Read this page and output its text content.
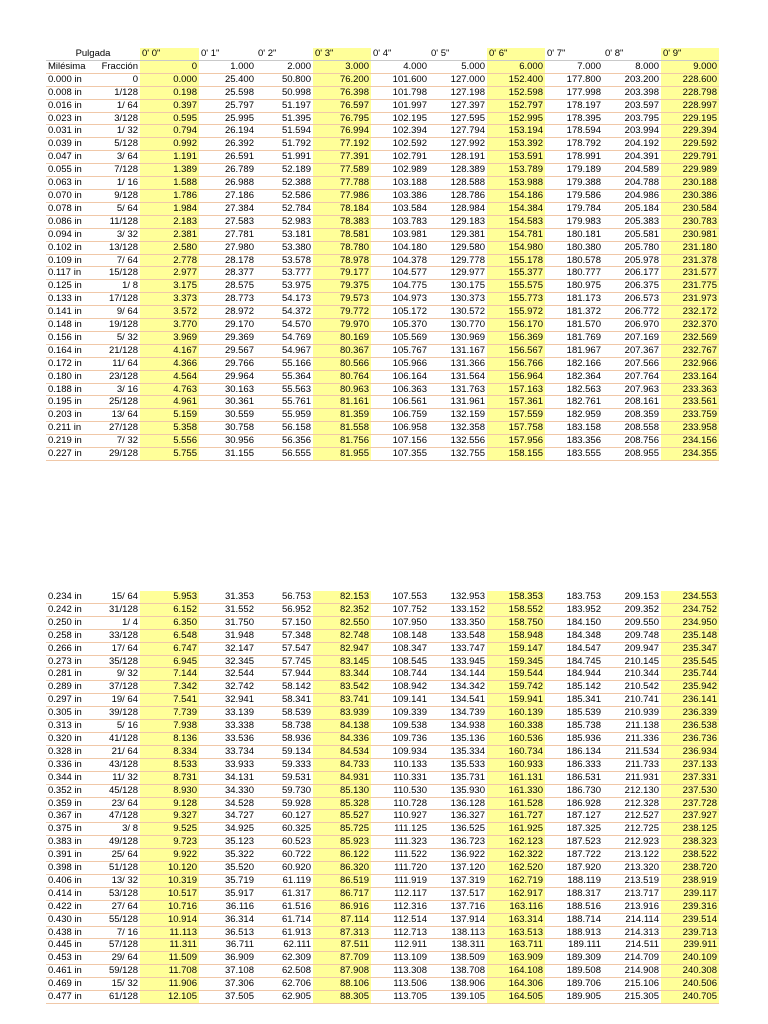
Pulgada		0' 0"	0' 1"	0' 2"	0' 3"	0' 4"	0' 5"	0' 6"	0' 7"	0' 8"	0' 9"
Milésima	Fracción	0	1.000	2.000	3.000	4.000	5.000	6.000	7.000	8.000	9.000
0.000 in	0	0.000	25.400	50.800	76.200	101.600	127.000	152.400	177.800	203.200	228.600
0.008 in	1/128	0.198	25.598	50.998	76.398	101.798	127.198	152.598	177.998	203.398	228.798
0.016 in	1/ 64	0.397	25.797	51.197	76.597	101.997	127.397	152.797	178.197	203.597	228.997
0.023 in	3/128	0.595	25.995	51.395	76.795	102.195	127.595	152.995	178.395	203.795	229.195
0.031 in	1/ 32	0.794	26.194	51.594	76.994	102.394	127.794	153.194	178.594	203.994	229.394
0.039 in	5/128	0.992	26.392	51.792	77.192	102.592	127.992	153.392	178.792	204.192	229.592
0.047 in	3/ 64	1.191	26.591	51.991	77.391	102.791	128.191	153.591	178.991	204.391	229.791
0.055 in	7/128	1.389	26.789	52.189	77.589	102.989	128.389	153.789	179.189	204.589	229.989
0.063 in	1/ 16	1.588	26.988	52.388	77.788	103.188	128.588	153.988	179.388	204.788	230.188
0.070 in	9/128	1.786	27.186	52.586	77.986	103.386	128.786	154.186	179.586	204.986	230.386
0.078 in	5/ 64	1.984	27.384	52.784	78.184	103.584	128.984	154.384	179.784	205.184	230.584
0.086 in	11/128	2.183	27.583	52.983	78.383	103.783	129.183	154.583	179.983	205.383	230.783
0.094 in	3/ 32	2.381	27.781	53.181	78.581	103.981	129.381	154.781	180.181	205.581	230.981
0.102 in	13/128	2.580	27.980	53.380	78.780	104.180	129.580	154.980	180.380	205.780	231.180
0.109 in	7/ 64	2.778	28.178	53.578	78.978	104.378	129.778	155.178	180.578	205.978	231.378
0.117 in	15/128	2.977	28.377	53.777	79.177	104.577	129.977	155.377	180.777	206.177	231.577
0.125 in	1/ 8	3.175	28.575	53.975	79.375	104.775	130.175	155.575	180.975	206.375	231.775
0.133 in	17/128	3.373	28.773	54.173	79.573	104.973	130.373	155.773	181.173	206.573	231.973
0.141 in	9/ 64	3.572	28.972	54.372	79.772	105.172	130.572	155.972	181.372	206.772	232.172
0.148 in	19/128	3.770	29.170	54.570	79.970	105.370	130.770	156.170	181.570	206.970	232.370
0.156 in	5/ 32	3.969	29.369	54.769	80.169	105.569	130.969	156.369	181.769	207.169	232.569
0.164 in	21/128	4.167	29.567	54.967	80.367	105.767	131.167	156.567	181.967	207.367	232.767
0.172 in	11/ 64	4.366	29.766	55.166	80.566	105.966	131.366	156.766	182.166	207.566	232.966
0.180 in	23/128	4.564	29.964	55.364	80.764	106.164	131.564	156.964	182.364	207.764	233.164
0.188 in	3/ 16	4.763	30.163	55.563	80.963	106.363	131.763	157.163	182.563	207.963	233.363
0.195 in	25/128	4.961	30.361	55.761	81.161	106.561	131.961	157.361	182.761	208.161	233.561
0.203 in	13/ 64	5.159	30.559	55.959	81.359	106.759	132.159	157.559	182.959	208.359	233.759
0.211 in	27/128	5.358	30.758	56.158	81.558	106.958	132.358	157.758	183.158	208.558	233.958
0.219 in	7/ 32	5.556	30.956	56.356	81.756	107.156	132.556	157.956	183.356	208.756	234.156
0.227 in	29/128	5.755	31.155	56.555	81.955	107.355	132.755	158.155	183.555	208.955	234.355
0.234 in	15/ 64	5.953	31.353	56.753	82.153	107.553	132.953	158.353	183.753	209.153	234.553
0.242 in	31/128	6.152	31.552	56.952	82.352	107.752	133.152	158.552	183.952	209.352	234.752
0.250 in	1/ 4	6.350	31.750	57.150	82.550	107.950	133.350	158.750	184.150	209.550	234.950
0.258 in	33/128	6.548	31.948	57.348	82.748	108.148	133.548	158.948	184.348	209.748	235.148
0.266 in	17/ 64	6.747	32.147	57.547	82.947	108.347	133.747	159.147	184.547	209.947	235.347
0.273 in	35/128	6.945	32.345	57.745	83.145	108.545	133.945	159.345	184.745	210.145	235.545
0.281 in	9/ 32	7.144	32.544	57.944	83.344	108.744	134.144	159.544	184.944	210.344	235.744
0.289 in	37/128	7.342	32.742	58.142	83.542	108.942	134.342	159.742	185.142	210.542	235.942
0.297 in	19/ 64	7.541	32.941	58.341	83.741	109.141	134.541	159.941	185.341	210.741	236.141
0.305 in	39/128	7.739	33.139	58.539	83.939	109.339	134.739	160.139	185.539	210.939	236.339
0.313 in	5/ 16	7.938	33.338	58.738	84.138	109.538	134.938	160.338	185.738	211.138	236.538
0.320 in	41/128	8.136	33.536	58.936	84.336	109.736	135.136	160.536	185.936	211.336	236.736
0.328 in	21/ 64	8.334	33.734	59.134	84.534	109.934	135.334	160.734	186.134	211.534	236.934
0.336 in	43/128	8.533	33.933	59.333	84.733	110.133	135.533	160.933	186.333	211.733	237.133
0.344 in	11/ 32	8.731	34.131	59.531	84.931	110.331	135.731	161.131	186.531	211.931	237.331
0.352 in	45/128	8.930	34.330	59.730	85.130	110.530	135.930	161.330	186.730	212.130	237.530
0.359 in	23/ 64	9.128	34.528	59.928	85.328	110.728	136.128	161.528	186.928	212.328	237.728
0.367 in	47/128	9.327	34.727	60.127	85.527	110.927	136.327	161.727	187.127	212.527	237.927
0.375 in	3/ 8	9.525	34.925	60.325	85.725	111.125	136.525	161.925	187.325	212.725	238.125
0.383 in	49/128	9.723	35.123	60.523	85.923	111.323	136.723	162.123	187.523	212.923	238.323
0.391 in	25/ 64	9.922	35.322	60.722	86.122	111.522	136.922	162.322	187.722	213.122	238.522
0.398 in	51/128	10.120	35.520	60.920	86.320	111.720	137.120	162.520	187.920	213.320	238.720
0.406 in	13/ 32	10.319	35.719	61.119	86.519	111.919	137.319	162.719	188.119	213.519	238.919
0.414 in	53/128	10.517	35.917	61.317	86.717	112.117	137.517	162.917	188.317	213.717	239.117
0.422 in	27/ 64	10.716	36.116	61.516	86.916	112.316	137.716	163.116	188.516	213.916	239.316
0.430 in	55/128	10.914	36.314	61.714	87.114	112.514	137.914	163.314	188.714	214.114	239.514
0.438 in	7/ 16	11.113	36.513	61.913	87.313	112.713	138.113	163.513	188.913	214.313	239.713
0.445 in	57/128	11.311	36.711	62.111	87.511	112.911	138.311	163.711	189.111	214.511	239.911
0.453 in	29/ 64	11.509	36.909	62.309	87.709	113.109	138.509	163.909	189.309	214.709	240.109
0.461 in	59/128	11.708	37.108	62.508	87.908	113.308	138.708	164.108	189.508	214.908	240.308
0.469 in	15/ 32	11.906	37.306	62.706	88.106	113.506	138.906	164.306	189.706	215.106	240.506
0.477 in	61/128	12.105	37.505	62.905	88.305	113.705	139.105	164.505	189.905	215.305	240.705
